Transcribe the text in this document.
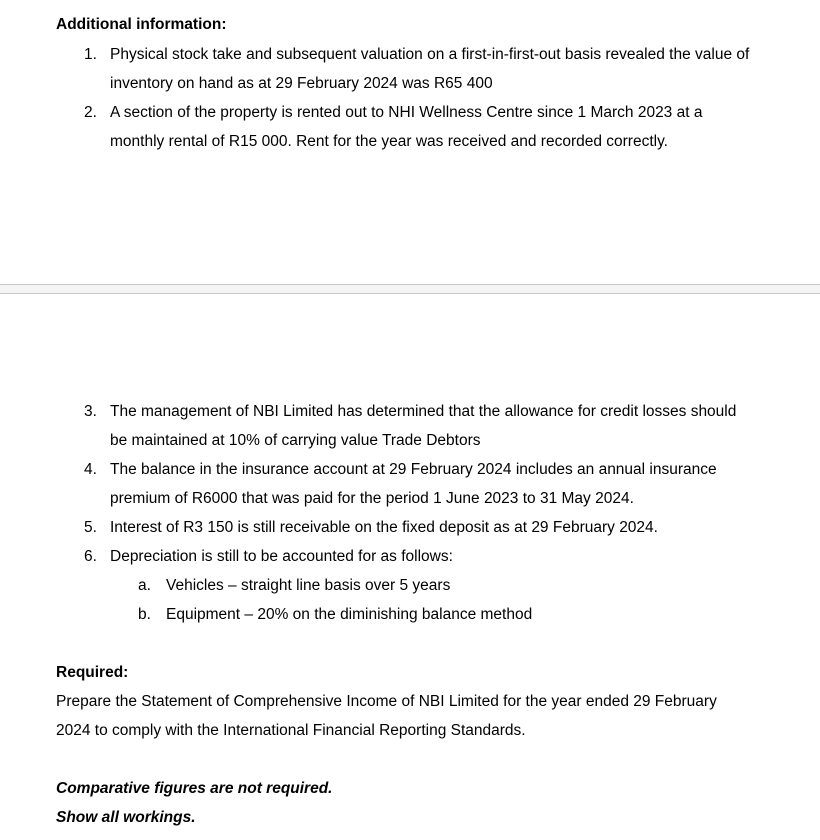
Additional information:
1. Physical stock take and subsequent valuation on a first-in-first-out basis revealed the value of
inventory on hand as at 29 February 2024 was R65 400
2. A section of the property is rented out to NHI Wellness Centre since 1 March 2023 at a
monthly rental of R15 000. Rent for the year was received and recorded correctly.
3. The management of NBI Limited has determined that the allowance for credit losses should
be maintained at 10% of carrying value Trade Debtors
4. The balance in the insurance account at 29 February 2024 includes an annual insurance
premium of R6000 that was paid for the period 1 June 2023 to 31 May 2024.
5. Interest of R3 150 is still receivable on the fixed deposit as at 29 February 2024.
6. Depreciation is still to be accounted for as follows:
a. Vehicles – straight line basis over 5 years
b. Equipment – 20% on the diminishing balance method
Required:
Prepare the Statement of Comprehensive Income of NBI Limited for the year ended 29 February
2024 to comply with the International Financial Reporting Standards.
Comparative figures are not required.
Show all workings.
